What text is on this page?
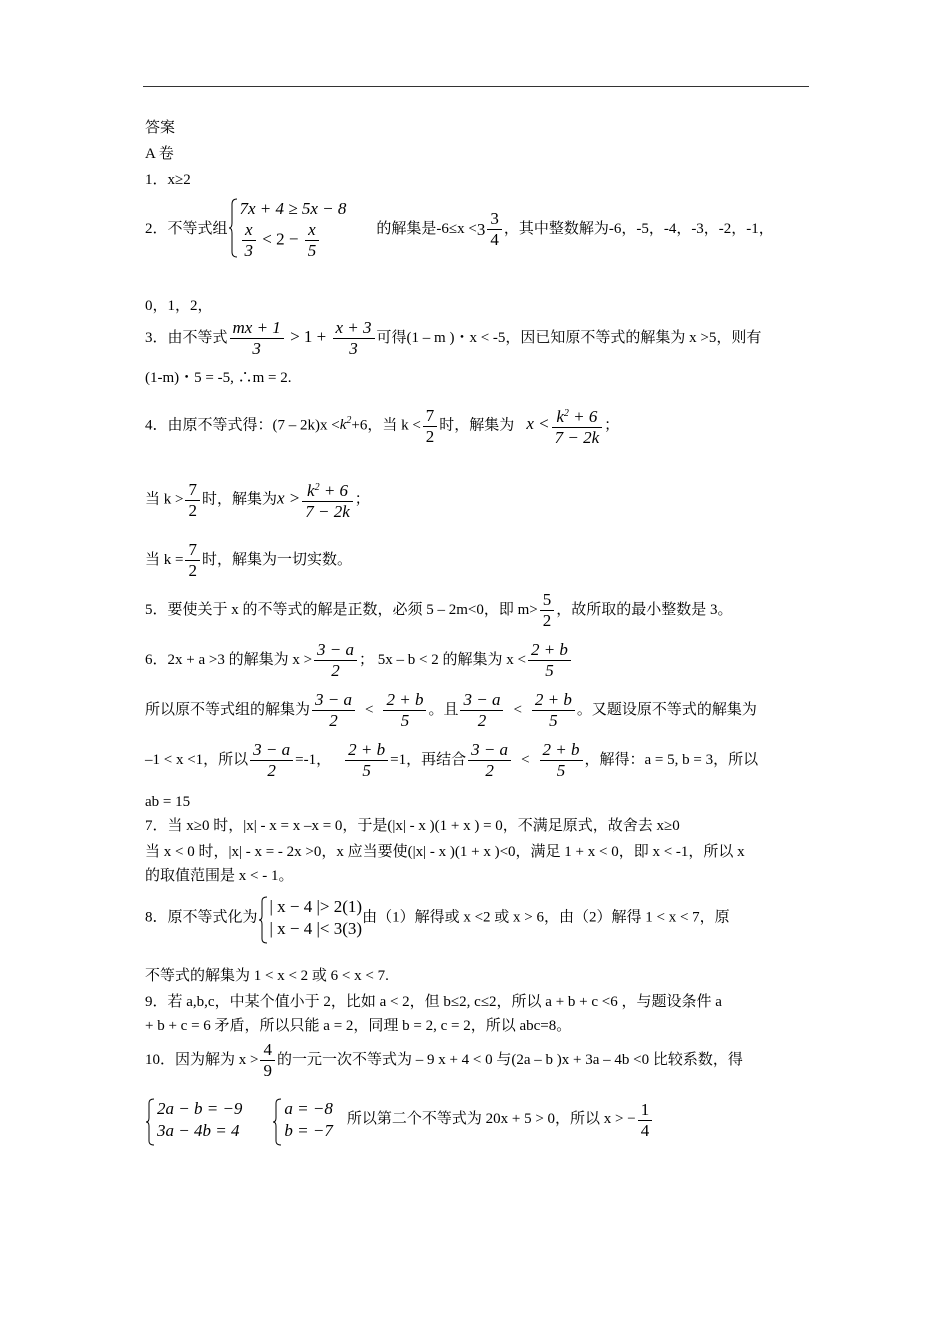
答案
A 卷
1．x≥2
2．不等式组
7x + 4 ≥ 5x − 8
$\frac{x}{3} < 2 - \frac{x}{5}$	的解集是$-6\le x < 3 \frac{3}{4}$ ，其中整数解为-6，-5，-4，-3，-2，-1，
0，1，2，
3．由不等式 $\frac{mx + 1}{3} > 1 + \frac{x + 3}{3}$ 可得(1 – m )・x < -5，因已知原不等式的解集为 x >5，则有
(1-m)・5 = -5, ∴m = 2.
4．由原不等式得：$(7 - 2k)x <k^2+6$，当 $k < \frac{7}{2}$ 时，解集为 $x < \frac{k^2 + 6}{7 - 2k}$ ；
当 $k > \frac{7}{2}$ 时，解集为$x > \frac{k^2 + 6}{7 - 2k}$ ；
当 $k = \frac{7}{2}$ 时，解集为一切实数。
5．要使关于 x 的不等式的解是正数，必须 5 – 2m<0，即 $m> \frac{5}{2}$ ，故所取的最小整数是 3。
6．2x + a >3 的解集为 $x > \frac{3 - a}{2}$ ； 5x – b < 2 的解集为 $x < \frac{2 + b}{5}$
所以原不等式组的解集为 $\frac{3 - a}{2} < \frac{2 + b}{5}$ 。且 $\frac{3 - a}{2} < \frac{2 + b}{5}$ 。又题设原不等式的解集为
–1 < x <1，所以 $\frac{3 - a}{2} =-1$， $\frac{2 + b}{5} =1$，再结合 $\frac{3 - a}{2} < \frac{2 + b}{5}$ ，解得：a = 5, b = 3，所以
ab = 15
7．当 x≥0 时，|x| - x = x –x = 0，于是(|x| - x )(1 + x ) = 0，不满足原式，故舍去 x≥0
当 x < 0 时，|x| - x = - 2x >0，x 应当要使(|x| - x )(1 + x )<0，满足 1 + x < 0，即 x < -1，所以 x
的取值范围是 x < - 1。
8．原不等式化为
| x − 4 |> 2(1)
| x − 4 |< 3(3)
由（1）解得或 x <2 或 x > 6，由（2）解得 1 < x < 7，原
不等式的解集为 1 < x < 2 或 6 < x < 7.
9．若 a,b,c，中某个值小于 2，比如 a < 2，但 b≤2, c≤2，所以 a + b + c <6 ，与题设条件 a
+ b + c = 6 矛盾，所以只能 a = 2，同理 b = 2, c = 2，所以 abc=8。
10．因为解为 $x > \frac{4}{9}$ 的一元一次不等式为 – 9 x + 4 < 0 与(2a – b )x + 3a – 4b <0 比较系数，得
2a − b = −9
3a − 4b = 4
a = −8
b = −7
所以第二个不等式为 20x + 5 > 0，所以 x > − $\frac{1}{4}$
